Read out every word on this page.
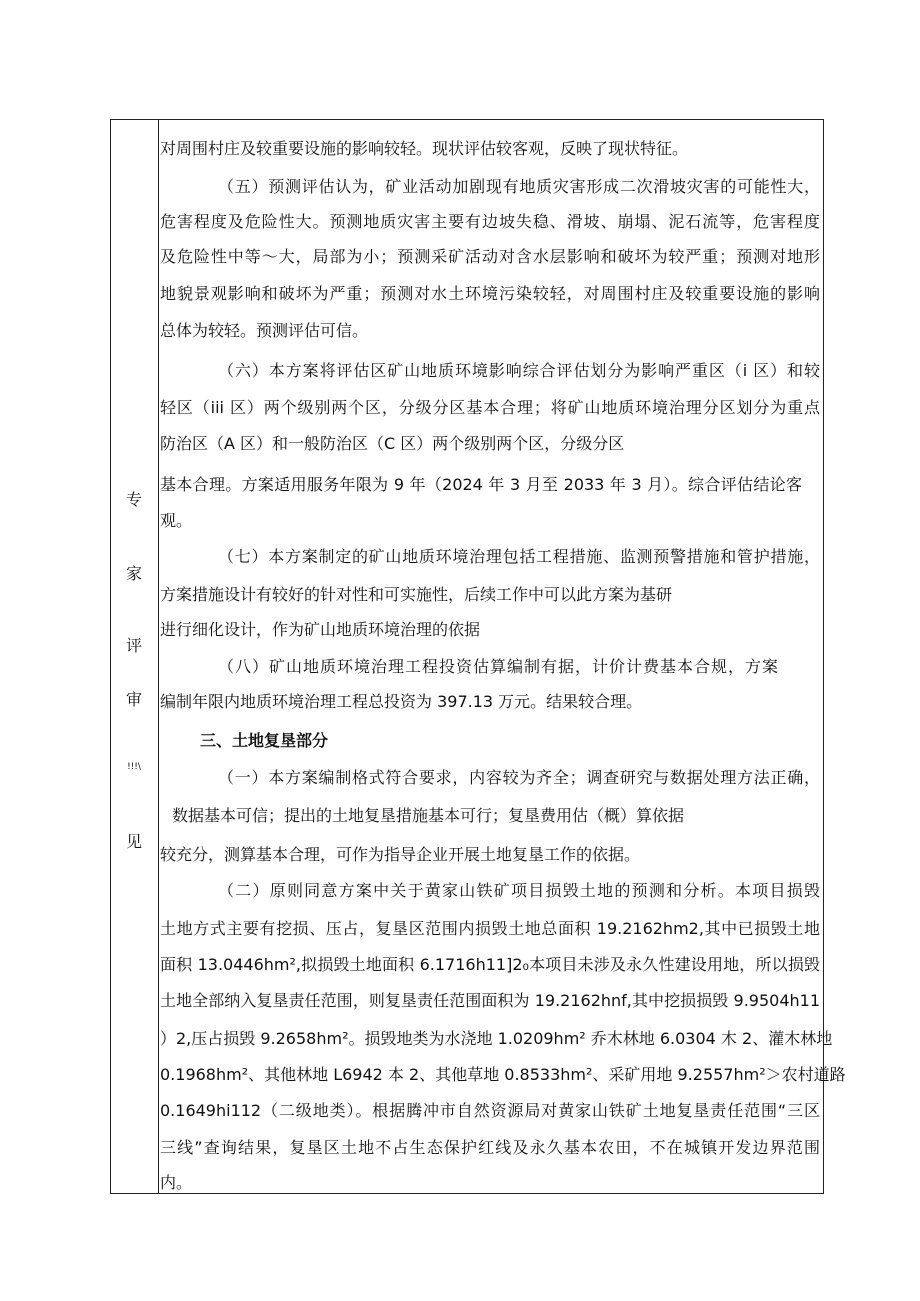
专
家
评
审
!!!\
见
对周围村庄及较重要设施的影响较轻。现状评估较客观，反映了现状特征。
（五）预测评估认为，矿业活动加剧现有地质灾害形成二次滑坡灾害的可能性大，
危害程度及危险性大。预测地质灾害主要有边坡失稳、滑坡、崩塌、泥石流等，危害程度
及危险性中等～大，局部为小；预测采矿活动对含水层影响和破坏为较严重；预测对地形
地貌景观影响和破坏为严重；预测对水土环境污染较轻，对周围村庄及较重要设施的影响
总体为较轻。预测评估可信。
（六）本方案将评估区矿山地质环境影响综合评估划分为影响严重区（i 区）和较
轻区（iii 区）两个级别两个区，分级分区基本合理；将矿山地质环境治理分区划分为重点
防治区（A 区）和一般防治区（C 区）两个级别两个区，分级分区
基本合理。方案适用服务年限为 9 年（2024 年 3 月至 2033 年 3 月）。综合评估结论客
观。
（七）本方案制定的矿山地质环境治理包括工程措施、监测预警措施和管护措施，
方案措施设计有较好的针对性和可实施性，后续工作中可以此方案为基研
进行细化设计，作为矿山地质环境治理的依据
（八）矿山地质环境治理工程投资估算编制有据，计价计费基本合规，方案
编制年限内地质环境治理工程总投资为 397.13 万元。结果较合理。
三、土地复垦部分
（一）本方案编制格式符合要求，内容较为齐全；调查研究与数据处理方法正确，
数据基本可信；提出的土地复垦措施基本可行；复垦费用估（概）算依据
较充分，测算基本合理，可作为指导企业开展土地复垦工作的依据。
（二）原则同意方案中关于黄家山铁矿项目损毁土地的预测和分析。本项目损毁
土地方式主要有挖损、压占，复垦区范围内损毁土地总面积 19.2162hm2,其中已损毁土地
面积 13.0446hm²,拟损毁土地面积 6.1716h11]2₀本项目未涉及永久性建设用地，所以损毁
土地全部纳入复垦责任范围，则复垦责任范围面积为 19.2162hnf,其中挖损损毁 9.9504h11
）2,压占损毁 9.2658hm²。损毁地类为水浇地 1.0209hm² 乔木林地 6.0304 木 2、灌木林地
0.1968hm²、其他林地 L6942 本 2、其他草地 0.8533hm²、采矿用地 9.2557hm²＞农村道路
0.1649hi112（二级地类）。根据腾冲市自然资源局对黄家山铁矿土地复垦责任范围“三区
三线”查询结果，复垦区土地不占生态保护红线及永久基本农田，不在城镇开发边界范围
内。
